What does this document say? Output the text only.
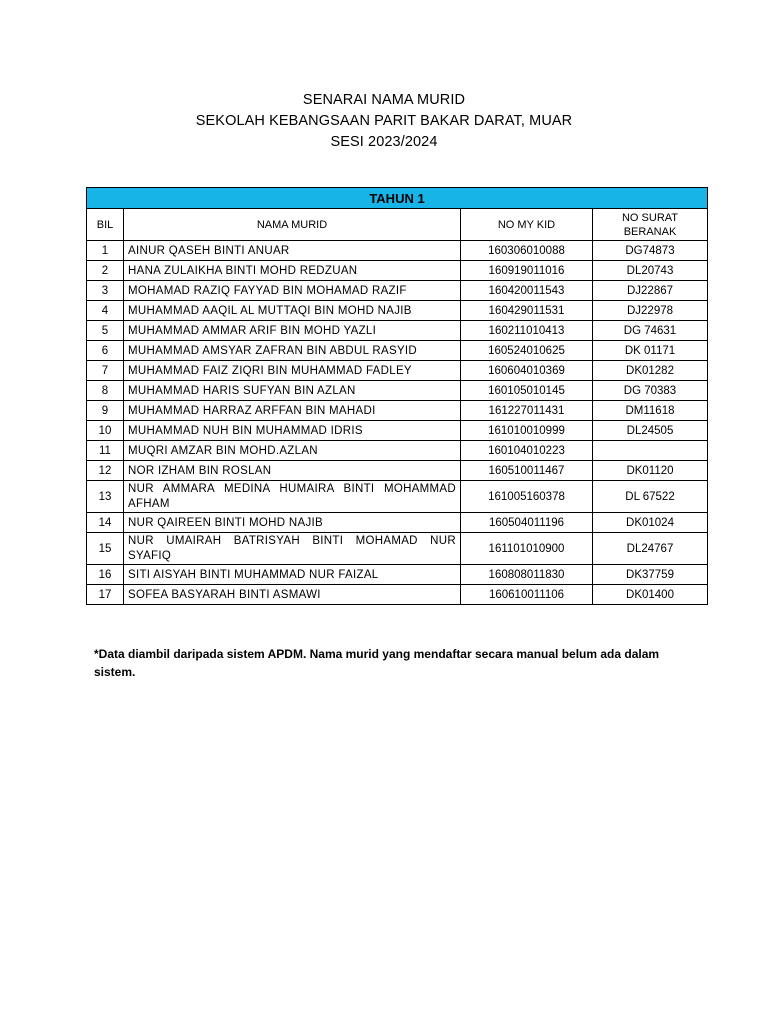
SENARAI NAMA MURID
SEKOLAH KEBANGSAAN PARIT BAKAR DARAT, MUAR
SESI 2023/2024
TAHUN 1			
BIL	NAMA MURID	NO MY KID	NO SURAT BERANAK
1	AINUR QASEH BINTI ANUAR	160306010088	DG74873
2	HANA ZULAIKHA BINTI MOHD REDZUAN	160919011016	DL20743
3	MOHAMAD RAZIQ FAYYAD BIN MOHAMAD RAZIF	160420011543	DJ22867
4	MUHAMMAD AAQIL AL MUTTAQI BIN MOHD NAJIB	160429011531	DJ22978
5	MUHAMMAD AMMAR ARIF BIN MOHD YAZLI	160211010413	DG 74631
6	MUHAMMAD AMSYAR ZAFRAN BIN ABDUL RASYID	160524010625	DK 01171
7	MUHAMMAD FAIZ ZIQRI BIN MUHAMMAD FADLEY	160604010369	DK01282
8	MUHAMMAD HARIS SUFYAN BIN AZLAN	160105010145	DG 70383
9	MUHAMMAD HARRAZ ARFFAN BIN MAHADI	161227011431	DM11618
10	MUHAMMAD NUH BIN MUHAMMAD IDRIS	161010010999	DL24505
11	MUQRI AMZAR BIN MOHD.AZLAN	160104010223	
12	NOR IZHAM BIN ROSLAN	160510011467	DK01120
13	NUR AMMARA MEDINA HUMAIRA BINTI MOHAMMAD AFHAM	161005160378	DL 67522
14	NUR QAIREEN BINTI MOHD NAJIB	160504011196	DK01024
15	NUR UMAIRAH BATRISYAH BINTI MOHAMAD NUR SYAFIQ	161101010900	DL24767
16	SITI AISYAH BINTI MUHAMMAD NUR FAIZAL	160808011830	DK37759
17	SOFEA BASYARAH BINTI ASMAWI	160610011106	DK01400
*Data diambil daripada sistem APDM. Nama murid yang mendaftar secara manual belum ada dalam sistem.
